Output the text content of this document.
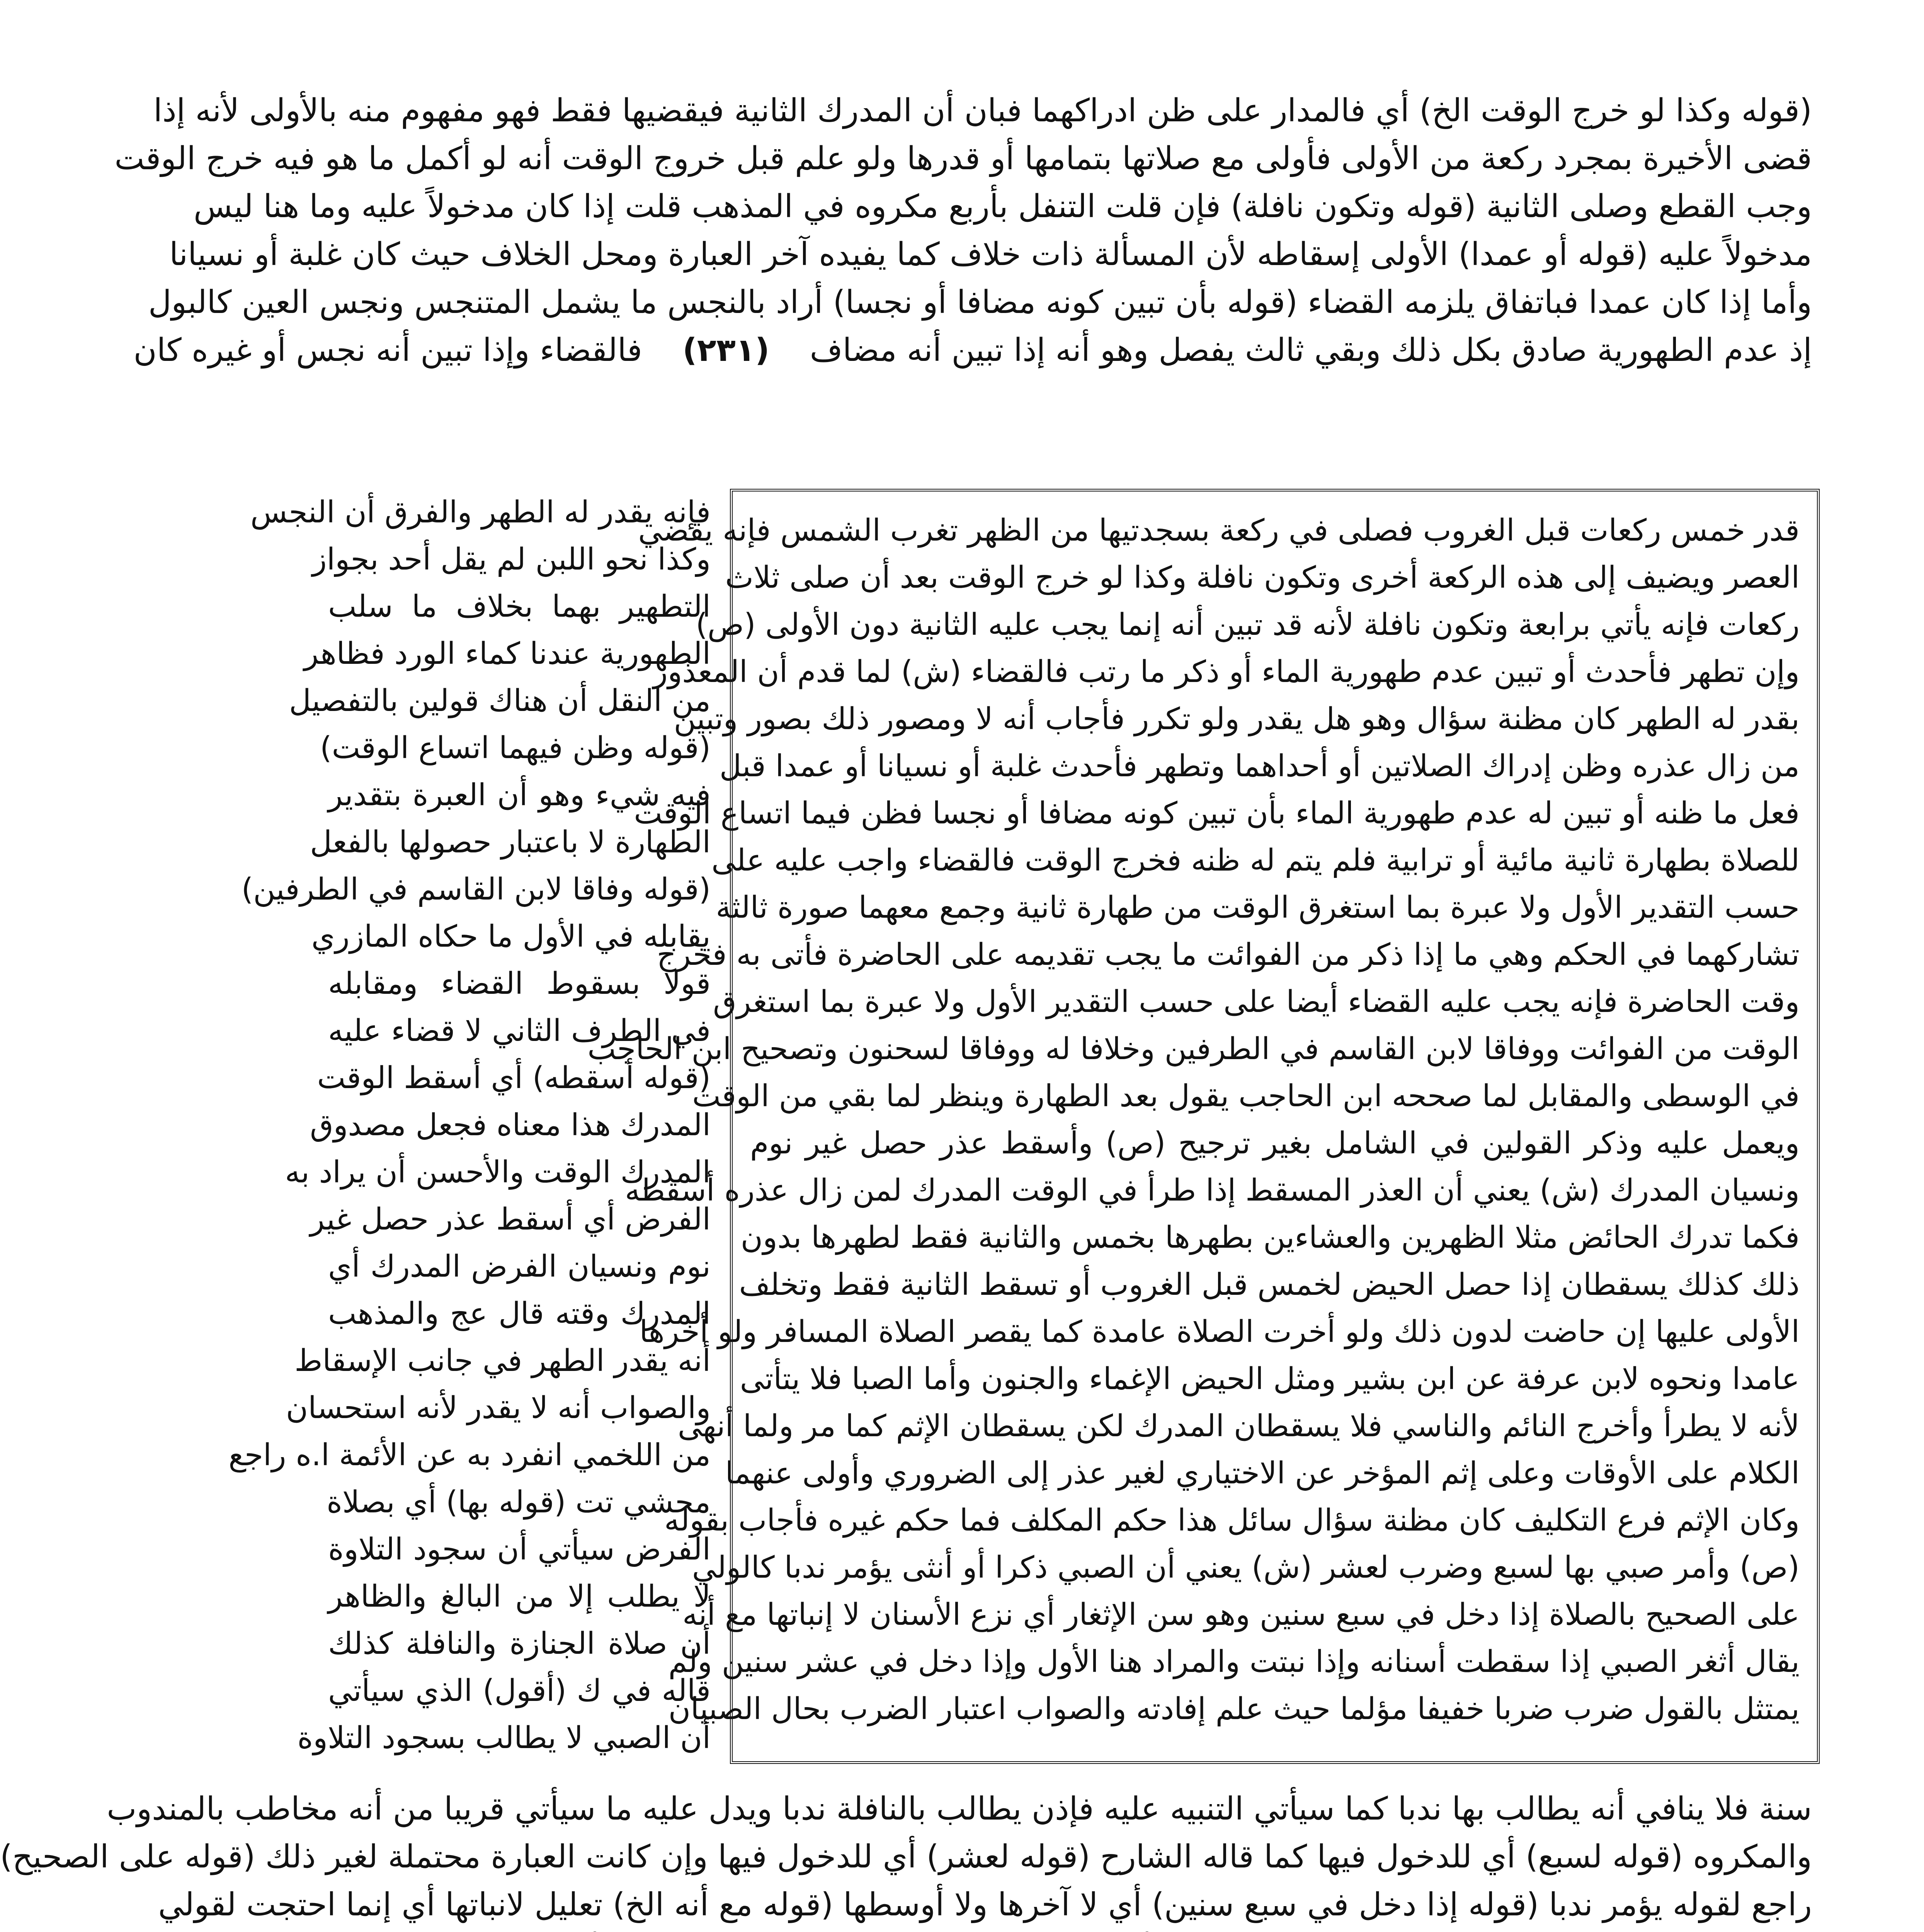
(قوله وكذا لو خرج الوقت الخ) أي فالمدار على ظن ادراكهما فبان أن المدرك الثانية فيقضيها فقط فهو مفهوم منه بالأولى لأنه إذا
قضى الأخيرة بمجرد ركعة من الأولى فأولى مع صلاتها بتمامها أو قدرها ولو علم قبل خروج الوقت أنه لو أكمل ما هو فيه خرج الوقت
وجب القطع وصلى الثانية (قوله وتكون نافلة) فإن قلت التنفل بأربع مكروه في المذهب قلت إذا كان مدخولاً عليه وما هنا ليس
مدخولاً عليه (قوله أو عمدا) الأولى إسقاطه لأن المسألة ذات خلاف كما يفيده آخر العبارة ومحل الخلاف حيث كان غلبة أو نسيانا
وأما إذا كان عمدا فباتفاق يلزمه القضاء (قوله بأن تبين كونه مضافا أو نجسا) أراد بالنجس ما يشمل المتنجس ونجس العين كالبول
إذ عدم الطهورية صادق بكل ذلك وبقي ثالث يفصل وهو أنه إذا تبين أنه مضاف    (٢٣١)    فالقضاء وإذا تبين أنه نجس أو غيره كان
قدر خمس ركعات قبل الغروب فصلى في ركعة بسجدتيها من الظهر تغرب الشمس فإنه يقضي
العصر ويضيف إلى هذه الركعة أخرى وتكون نافلة وكذا لو خرج الوقت بعد أن صلى ثلاث
ركعات فإنه يأتي برابعة وتكون نافلة لأنه قد تبين أنه إنما يجب عليه الثانية دون الأولى (ص)
وإن تطهر فأحدث أو تبين عدم طهورية الماء أو ذكر ما رتب فالقضاء (ش) لما قدم أن المعذور
بقدر له الطهر كان مظنة سؤال وهو هل يقدر ولو تكرر فأجاب أنه لا ومصور ذلك بصور وتبين
من زال عذره وظن إدراك الصلاتين أو أحداهما وتطهر فأحدث غلبة أو نسيانا أو عمدا قبل
فعل ما ظنه أو تبين له عدم طهورية الماء بأن تبين كونه مضافا أو نجسا فظن فيما اتساع الوقت
للصلاة بطهارة ثانية مائية أو ترابية فلم يتم له ظنه فخرج الوقت فالقضاء واجب عليه على
حسب التقدير الأول ولا عبرة بما استغرق الوقت من طهارة ثانية وجمع معهما صورة ثالثة
تشاركهما في الحكم وهي ما إذا ذكر من الفوائت ما يجب تقديمه على الحاضرة فأتى به فخرج
وقت الحاضرة فإنه يجب عليه القضاء أيضا على حسب التقدير الأول ولا عبرة بما استغرق
الوقت من الفوائت ووفاقا لابن القاسم في الطرفين وخلافا له ووفاقا لسحنون وتصحيح ابن الحاجب
في الوسطى والمقابل لما صححه ابن الحاجب يقول بعد الطهارة وينظر لما بقي من الوقت
ويعمل عليه وذكر القولين في الشامل بغير ترجيح (ص) وأسقط عذر حصل غير نوم
ونسيان المدرك (ش) يعني أن العذر المسقط إذا طرأ في الوقت المدرك لمن زال عذره أسقطه
فكما تدرك الحائض مثلا الظهرين والعشاءين بطهرها بخمس والثانية فقط لطهرها بدون
ذلك كذلك يسقطان إذا حصل الحيض لخمس قبل الغروب أو تسقط الثانية فقط وتخلف
الأولى عليها إن حاضت لدون ذلك ولو أخرت الصلاة عامدة كما يقصر الصلاة المسافر ولو أخرها
عامدا ونحوه لابن عرفة عن ابن بشير ومثل الحيض الإغماء والجنون وأما الصبا فلا يتأتى
لأنه لا يطرأ وأخرج النائم والناسي فلا يسقطان المدرك لكن يسقطان الإثم كما مر ولما أنهى
الكلام على الأوقات وعلى إثم المؤخر عن الاختياري لغير عذر إلى الضروري وأولى عنهما
وكان الإثم فرع التكليف كان مظنة سؤال سائل هذا حكم المكلف فما حكم غيره فأجاب بقوله
(ص) وأمر صبي بها لسبع وضرب لعشر (ش) يعني أن الصبي ذكرا أو أنثى يؤمر ندبا كالولي
على الصحيح بالصلاة إذا دخل في سبع سنين وهو سن الإثغار أي نزع الأسنان لا إنباتها مع أنه
يقال أثغر الصبي إذا سقطت أسنانه وإذا نبتت والمراد هنا الأول وإذا دخل في عشر سنين ولم
يمتثل بالقول ضرب ضربا خفيفا مؤلما حيث علم إفادته والصواب اعتبار الضرب بحال الصبيان
فإنه يقدر له الطهر والفرق أن النجس
وكذا نحو اللبن لم يقل أحد بجواز
التطهير بهما بخلاف ما سلب
الطهورية عندنا كماء الورد فظاهر
من النقل أن هناك قولين بالتفصيل
(قوله وظن فيهما اتساع الوقت)
فيه شيء وهو أن العبرة بتقدير
الطهارة لا باعتبار حصولها بالفعل
(قوله وفاقا لابن القاسم في الطرفين)
يقابله في الأول ما حكاه المازري
قولا بسقوط القضاء ومقابله
في الطرف الثاني لا قضاء عليه
(قوله أسقطه) أي أسقط الوقت
المدرك هذا معناه فجعل مصدوق
المدرك الوقت والأحسن أن يراد به
الفرض أي أسقط عذر حصل غير
نوم ونسيان الفرض المدرك أي
المدرك وقته قال عج والمذهب
أنه يقدر الطهر في جانب الإسقاط
والصواب أنه لا يقدر لأنه استحسان
من اللخمي انفرد به عن الأئمة ا.ه راجع
محشي تت (قوله بها) أي بصلاة
الفرض سيأتي أن سجود التلاوة
لا يطلب إلا من البالغ والظاهر
أن صلاة الجنازة والنافلة كذلك
قاله في ك (أقول) الذي سيأتي
أن الصبي لا يطالب بسجود التلاوة
سنة فلا ينافي أنه يطالب بها ندبا كما سيأتي التنبيه عليه فإذن يطالب بالنافلة ندبا ويدل عليه ما سيأتي قريبا من أنه مخاطب بالمندوب
والمكروه (قوله لسبع) أي للدخول فيها كما قاله الشارح (قوله لعشر) أي للدخول فيها وإن كانت العبارة محتملة لغير ذلك (قوله على الصحيح)
راجع لقوله يؤمر ندبا (قوله إذا دخل في سبع سنين) أي لا آخرها ولا أوسطها (قوله مع أنه الخ) تعليل لانباتها أي إنما احتجت لقولي
